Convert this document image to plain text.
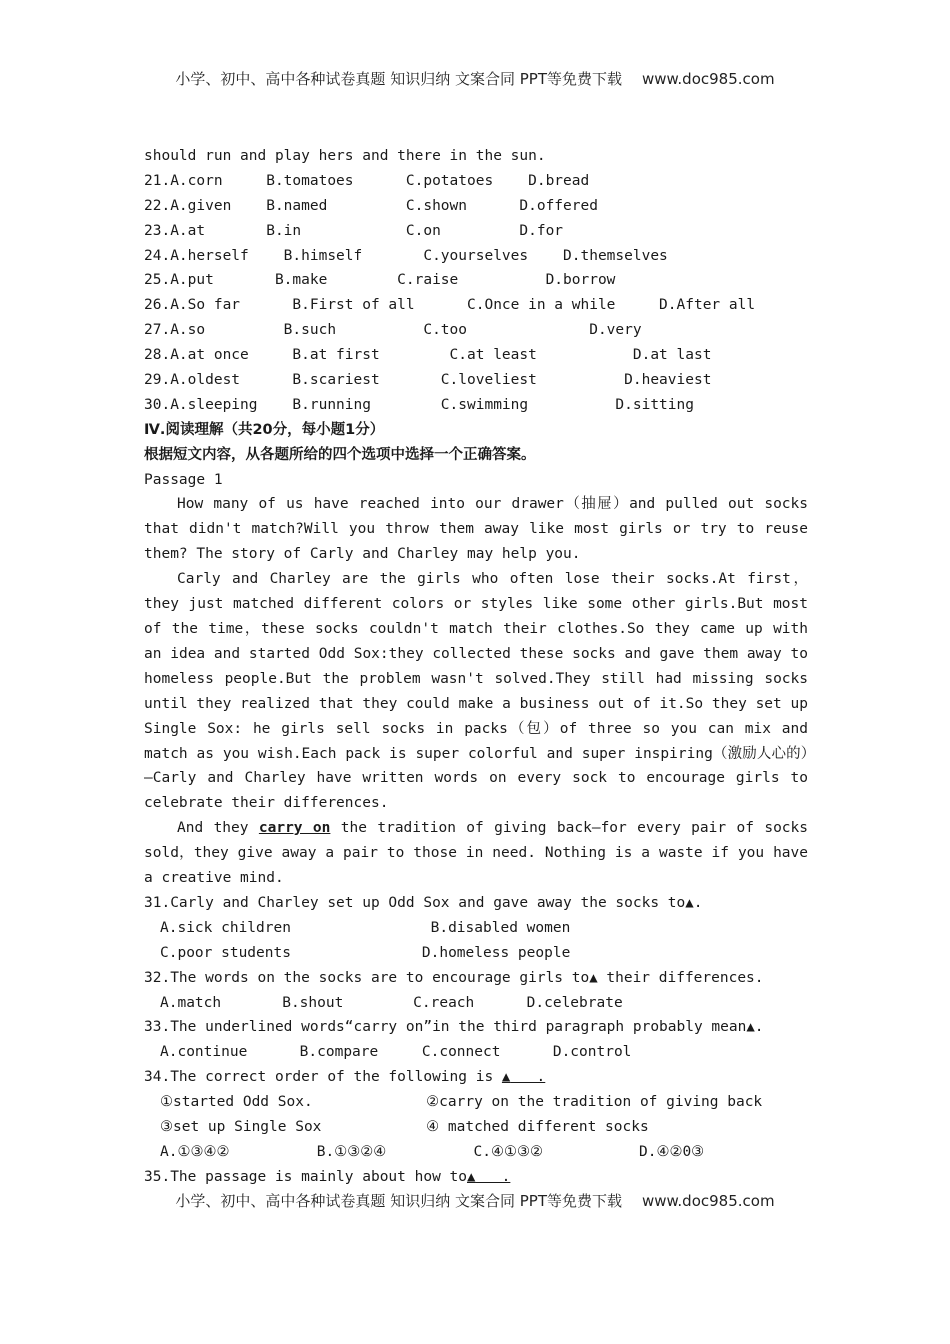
小学、初中、高中各种试卷真题 知识归纳 文案合同 PPT等免费下载 www.doc985.com
should run and play hers and there in the sun.
21.A.corn     B.tomatoes      C.potatoes    D.bread
22.A.given    B.named         C.shown      D.offered
23.A.at       B.in            C.on         D.for
24.A.herself    B.himself       C.yourselves    D.themselves
25.A.put       B.make        C.raise          D.borrow
26.A.So far      B.First of all      C.Once in a while     D.After all
27.A.so         B.such          C.too              D.very
28.A.at once     B.at first        C.at least           D.at last
29.A.oldest      B.scariest       C.loveliest          D.heaviest
30.A.sleeping    B.running        C.swimming          D.sitting
Ⅳ.阅读理解（共20分，每小题1分）
根据短文内容，从各题所给的四个选项中选择一个正确答案。
Passage 1
How many of us have reached into our drawer（抽屉）and pulled out socks that didn't match?Will you throw them away like most girls or try to reuse them? The story of Carly and Charley may help you.
Carly and Charley are the girls who often lose their socks.At first，they just matched different colors or styles like some other girls.But most of the time，these socks couldn't match their clothes.So they came up with an idea and started Odd Sox:they collected these socks and gave them away to homeless people.But the problem wasn't solved.They still had missing socks until they realized that they could make a business out of it.So they set up Single Sox: he girls sell socks in packs（包）of three so you can mix and match as you wish.Each pack is super colorful and super inspiring（激励人心的）—Carly and Charley have written words on every sock to encourage girls to celebrate their differences.
And they carry on the tradition of giving back—for every pair of socks sold，they give away a pair to those in need. Nothing is a waste if you have a creative mind.
31.Carly and Charley set up Odd Sox and gave away the socks to▲.
A.sick children                B.disabled women
C.poor students               D.homeless people
32.The words on the socks are to encourage girls to▲ their differences.
A.match       B.shout        C.reach      D.celebrate
33.The underlined words“carry on”in the third paragraph probably mean▲.
A.continue      B.compare     C.connect      D.control
34.The correct order of the following is ▲   .
①started Odd Sox.             ②carry on the tradition of giving back
③set up Single Sox            ④ matched different socks
A.①③④②          B.①③②④          C.④①③②           D.④②0③
35.The passage is mainly about how to▲   .
小学、初中、高中各种试卷真题 知识归纳 文案合同 PPT等免费下载 www.doc985.com
